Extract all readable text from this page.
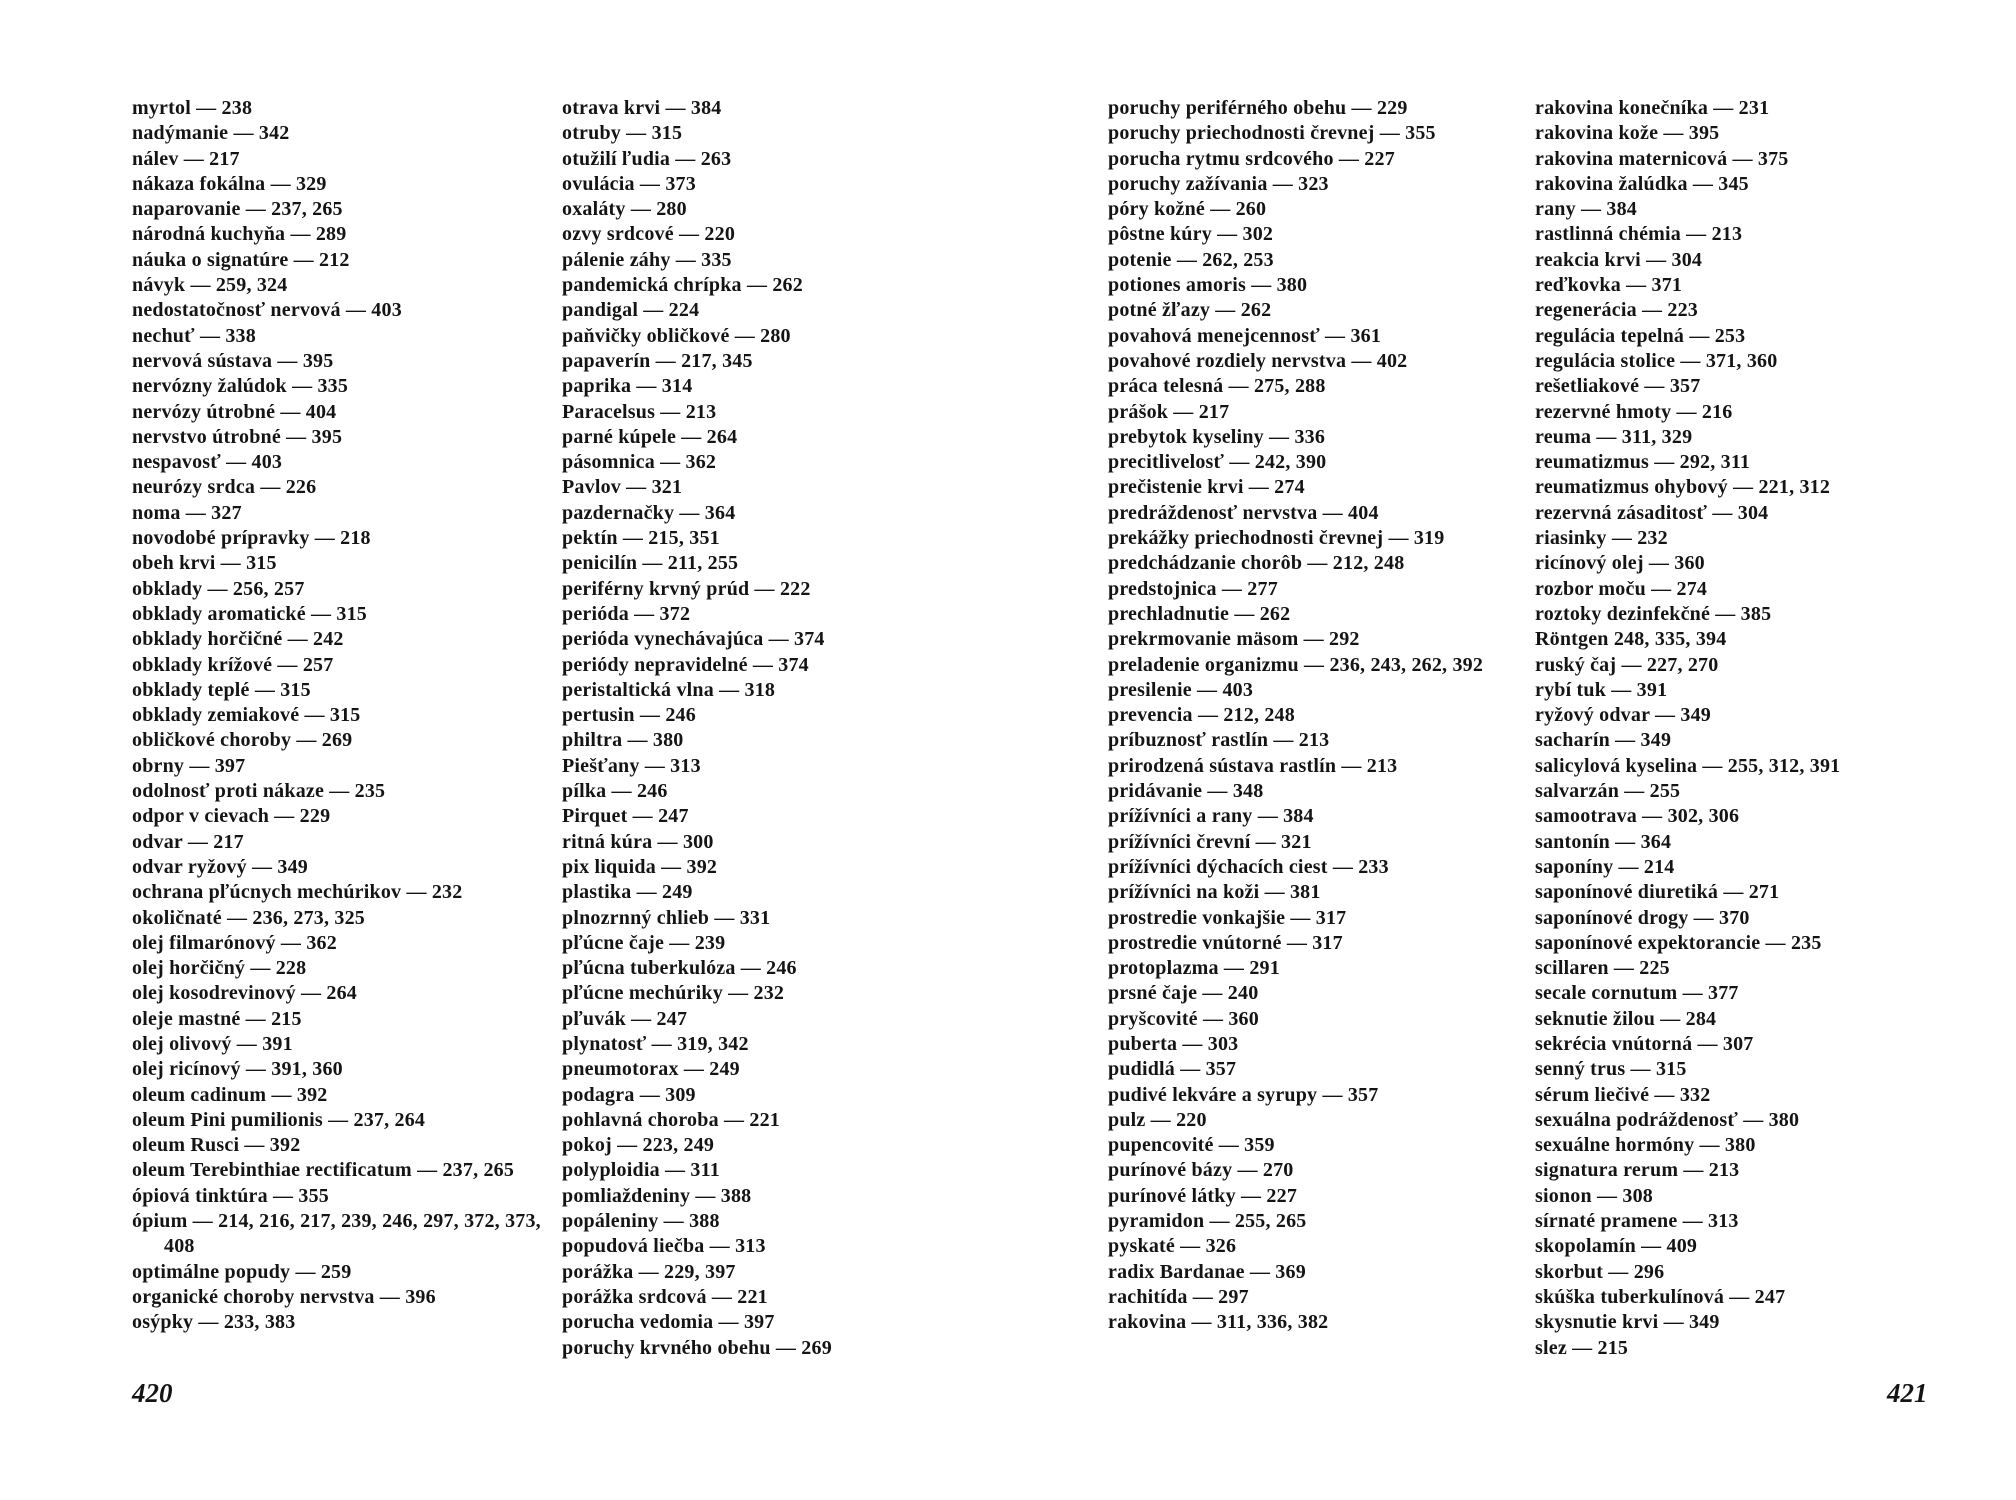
myrtol — 238
nadýmanie — 342
nálev — 217
nákaza fokálna — 329
naparovanie — 237, 265
národná kuchyňa — 289
náuka o signatúre — 212
návyk — 259, 324
nedostatočnosť nervová — 403
nechuť — 338
nervová sústava — 395
nervózny žalúdok — 335
nervózy útrobné — 404
nervstvo útrobné — 395
nespavosť — 403
neurózy srdca — 226
noma — 327
novodobé prípravky — 218
obeh krvi — 315
obklady — 256, 257
obklady aromatické — 315
obklady horčičné — 242
obklady krížové — 257
obklady teplé — 315
obklady zemiakové — 315
obličkové choroby — 269
obrny — 397
odolnosť proti nákaze — 235
odpor v cievach — 229
odvar — 217
odvar ryžový — 349
ochrana pľúcnych mechúrikov — 232
okoličnaté — 236, 273, 325
olej filmarónový — 362
olej horčičný — 228
olej kosodrevinový — 264
oleje mastné — 215
olej olivový — 391
olej ricínový — 391, 360
oleum cadinum — 392
oleum Pini pumilionis — 237, 264
oleum Rusci — 392
oleum Terebinthiae rectificatum — 237, 265
ópiová tinktúra — 355
ópium — 214, 216, 217, 239, 246, 297, 372, 373, 408
optimálne popudy — 259
organické choroby nervstva — 396
osýpky — 233, 383
otrava krvi — 384
otruby — 315
otužilí ľudia — 263
ovulácia — 373
oxaláty — 280
ozvy srdcové — 220
pálenie záhy — 335
pandemická chrípka — 262
pandigal — 224
paňvičky obličkové — 280
papaverín — 217, 345
paprika — 314
Paracelsus — 213
parné kúpele — 264
pásomnica — 362
Pavlov — 321
pazdernačky — 364
pektín — 215, 351
penicilín — 211, 255
periférny krvný prúd — 222
perióda — 372
perióda vynechávajúca — 374
periódy nepravidelné — 374
peristaltická vlna — 318
pertusin — 246
philtra — 380
Piešťany — 313
pílka — 246
Pirquet — 247
ritná kúra — 300
pix liquida — 392
plastika — 249
plnozrnný chlieb — 331
pľúcne čaje — 239
pľúcna tuberkulóza — 246
pľúcne mechúriky — 232
pľuvák — 247
plynatosť — 319, 342
pneumotorax — 249
podagra — 309
pohlavná choroba — 221
pokoj — 223, 249
polyploidia — 311
pomliaždeniny — 388
popáleniny — 388
popudová liečba — 313
porážka — 229, 397
porážka srdcová — 221
porucha vedomia — 397
poruchy krvného obehu — 269
poruchy periférného obehu — 229
poruchy priechodnosti črevnej — 355
porucha rytmu srdcového — 227
poruchy zažívania — 323
póry kožné — 260
pôstne kúry — 302
potenie — 262, 253
potiones amoris — 380
potné žľazy — 262
povahová menejcennosť — 361
povahové rozdiely nervstva — 402
práca telesná — 275, 288
prášok — 217
prebytok kyseliny — 336
precitlivelosť — 242, 390
prečistenie krvi — 274
predráždenosť nervstva — 404
prekážky priechodnosti črevnej — 319
predchádzanie chorôb — 212, 248
predstojnica — 277
prechladnutie — 262
prekrmovanie mäsom — 292
preladenie organizmu — 236, 243, 262, 392
presilenie — 403
prevencia — 212, 248
príbuznosť rastlín — 213
prirodzená sústava rastlín — 213
pridávanie — 348
prížívníci a rany — 384
prížívníci črevní — 321
prížívníci dýchacích ciest — 233
prížívníci na koži — 381
prostredie vonkajšie — 317
prostredie vnútorné — 317
protoplazma — 291
prsné čaje — 240
pryšcovité — 360
puberta — 303
pudidlá — 357
pudivé lekváre a syrupy — 357
pulz — 220
pupencovité — 359
purínové bázy — 270
purínové látky — 227
pyramidon — 255, 265
pyskaté — 326
radix Bardanae — 369
rachitída — 297
rakovina — 311, 336, 382
rakovina konečníka — 231
rakovina kože — 395
rakovina maternicová — 375
rakovina žalúdka — 345
rany — 384
rastlinná chémia — 213
reakcia krvi — 304
reďkovka — 371
regenerácia — 223
regulácia tepelná — 253
regulácia stolice — 371, 360
rešetliakové — 357
rezervné hmoty — 216
reuma — 311, 329
reumatizmus — 292, 311
reumatizmus ohybový — 221, 312
rezervná zásaditosť — 304
riasinky — 232
ricínový olej — 360
rozbor moču — 274
roztoky dezinfekčné — 385
Röntgen 248, 335, 394
ruský čaj — 227, 270
rybí tuk — 391
ryžový odvar — 349
sacharín — 349
salicylová kyselina — 255, 312, 391
salvarzán — 255
samootrava — 302, 306
santonín — 364
saponíny — 214
saponínové diuretiká — 271
saponínové drogy — 370
saponínové expektorancie — 235
scillaren — 225
secale cornutum — 377
seknutie žilou — 284
sekrécia vnútorná — 307
senný trus — 315
sérum liečivé — 332
sexuálna podráždenosť — 380
sexuálne hormóny — 380
signatura rerum — 213
sionon — 308
sírnaté pramene — 313
skopolamín — 409
skorbut — 296
skúška tuberkulínová — 247
skysnutie krvi — 349
slez — 215
420	421
